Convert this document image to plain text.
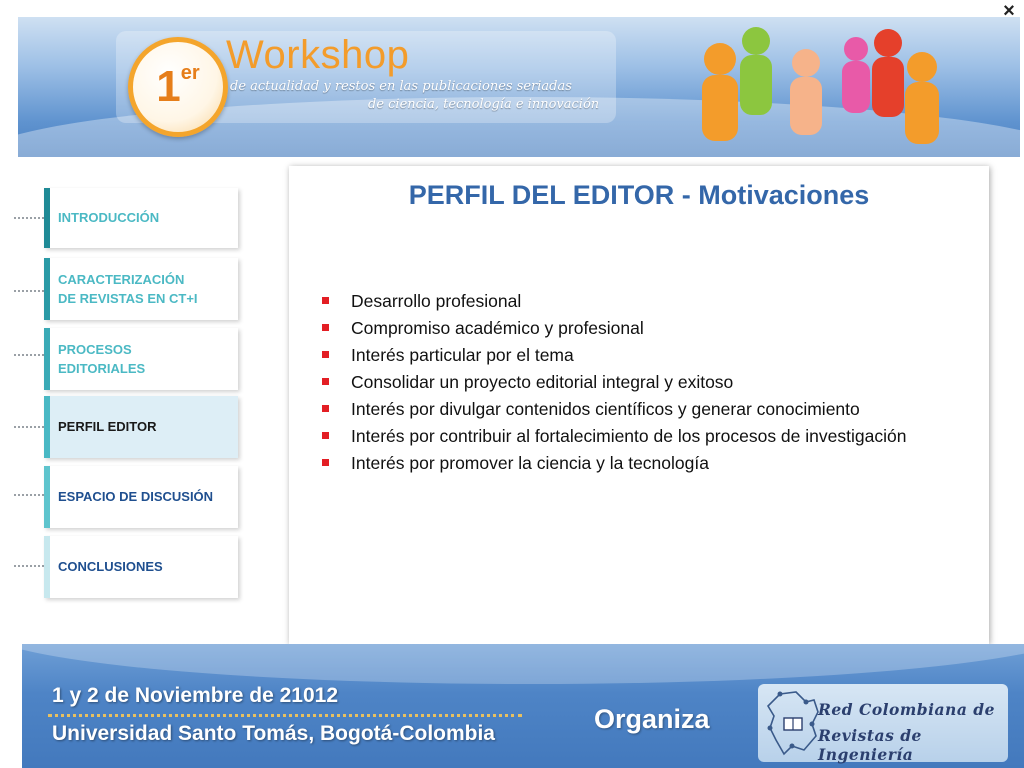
1 er Workshop
de actualidad y restos en las publicaciones seriadas
de ciencia, tecnología e innovación
×
INTRODUCCIÓN
CARACTERIZACIÓN
DE REVISTAS EN CT+I
PROCESOS
EDITORIALES
PERFIL EDITOR
ESPACIO DE DISCUSIÓN
CONCLUSIONES
PERFIL DEL EDITOR - Motivaciones
Desarrollo profesional
Compromiso académico y profesional
Interés particular por el tema
Consolidar un proyecto editorial integral y exitoso
Interés por divulgar contenidos científicos y generar conocimiento
Interés por contribuir al fortalecimiento de los procesos de investigación
Interés por promover la ciencia y la tecnología
1 y 2 de Noviembre de 21012
Universidad Santo Tomás, Bogotá-Colombia	Organiza	Red Colombiana de
Revistas de Ingeniería
